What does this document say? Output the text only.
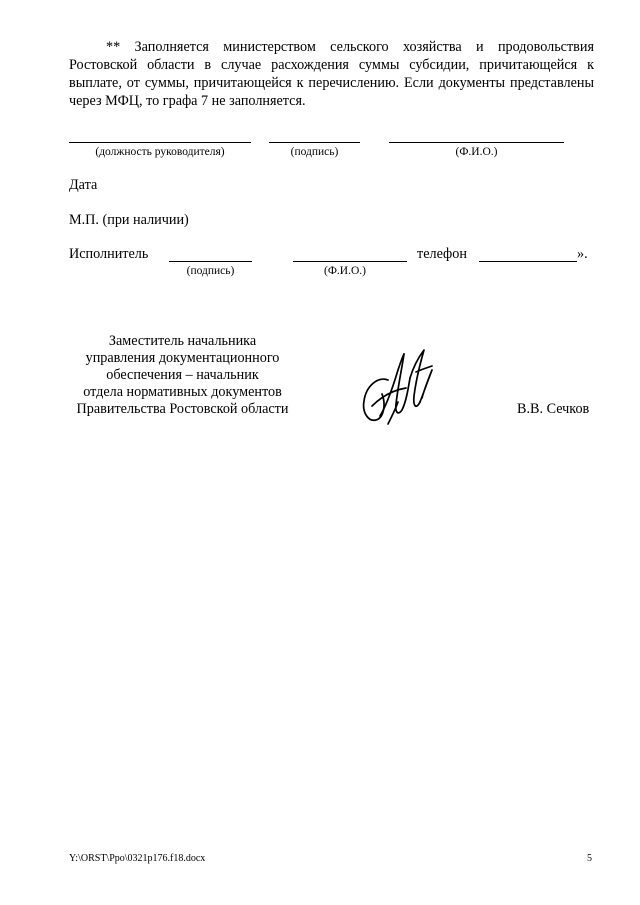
** Заполняется министерством сельского хозяйства и продовольствия Ростовской области в случае расхождения суммы субсидии, причитающейся к выплате, от суммы, причитающейся к перечислению. Если документы представлены через МФЦ, то графа 7 не заполняется.

(должность руководителя)	(подпись)	(Ф.И.О.)
Дата
М.П. (при наличии)
Исполнитель	телефон	».
(подпись)	(Ф.И.О.)
Заместитель начальника
управления документационного
обеспечения – начальник
отдела нормативных документов
Правительства Ростовской области	В.В. Сечков
Y:\ORST\Ppo\0321p176.f18.docx	5
